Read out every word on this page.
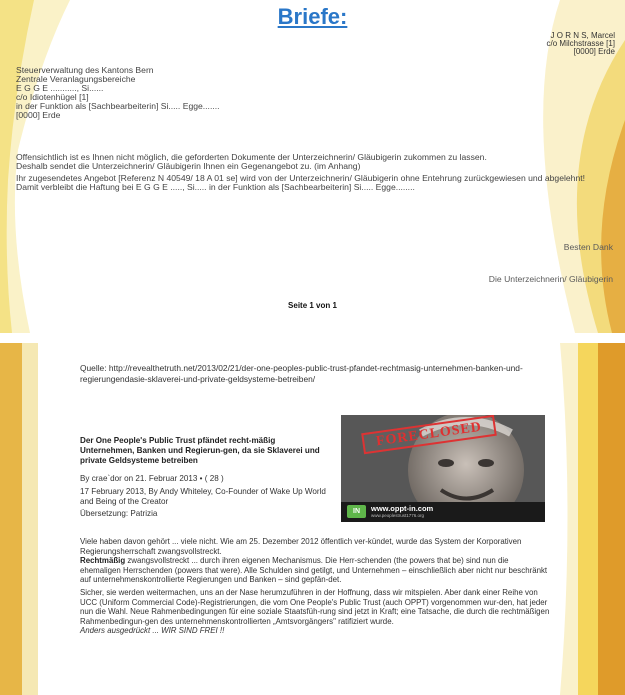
Briefe:
J O R N S, Marcel
c/o Milchstrasse [1]
[0000] Erde
Steuerverwaltung des Kantons Bern
Zentrale Veranlagungsbereiche
E G G E ..........., Si......
c/o Idiotenhügel [1]
in der Funktion als [Sachbearbeiterin] Si..... Egge.......
[0000] Erde

Offensichtlich ist es Ihnen nicht möglich, die geforderten Dokumente der Unterzeichnerin/ Gläubigerin zukommen zu lassen.

Deshalb sendet die Unterzeichnerin/ Gläubigerin Ihnen ein Gegenangebot zu. (im Anhang)

Ihr zugesendetes Angebot [Referenz N 40549/ 18 A 01 se] wird von der Unterzeichnerin/ Gläubigerin ohne Entehrung zurückgewiesen und abgelehnt!

Damit verbleibt die Haftung bei E G G E ....., Si..... in der Funktion als [Sachbearbeiterin] Si..... Egge........

Besten Dank
Die Unterzeichnerin/ Gläubigerin
Seite 1 von 1
Quelle: http://revealthetruth.net/2013/02/21/der-one-peoples-public-trust-pfandet-rechtmasig-unternehmen-banken-und-regierungendasie-sklaverei-und-private-geldsysteme-betreiben/
FORECLOSED
IN	www.oppt-in.com
www.peoplestrust1776.org
Der One People's Public Trust pfändet recht-mäßig Unternehmen, Banken und Regierun-gen, da sie Sklaverei und private Geldsysteme betreiben

By crae`dor on 21. Februar 2013 • ( 28 )

17 February 2013, By Andy Whiteley, Co-Founder of Wake Up World and Being of the Creator

Übersetzung: Patrizia

Viele haben davon gehört ... viele nicht. Wie am 25. Dezember 2012 öffentlich ver-kündet, wurde das System der Korporativen Regierungsherrschaft zwangsvollstreckt.
Rechtmäßig zwangsvollstreckt ... durch ihren eigenen Mechanismus. Die Herr-schenden (the powers that be) sind nun die ehemaligen Herrschenden (powers that were). Alle Schulden sind getilgt, und Unternehmen – einschließlich aber nicht nur beschränkt auf unternehmenskontrollierte Regierungen und Banken – sind gepfän-det.

Sicher, sie werden weitermachen, uns an der Nase herumzuführen in der Hoffnung, dass wir mitspielen. Aber dank einer Reihe von UCC (Uniform Commercial Code)-Registrierungen, die vom One People's Public Trust (auch OPPT) vorgenommen wur-den, hat jeder nun die Wahl. Neue Rahmenbedingungen für eine soziale Staatsfüh-rung sind jetzt in Kraft; eine Tatsache, die durch die rechtmäßigen Rahmenbedingun-gen des unternehmenskontrollierten „Amtsvorgängers" ratifiziert wurde.

Anders ausgedrückt ... WIR SIND FREI !!
